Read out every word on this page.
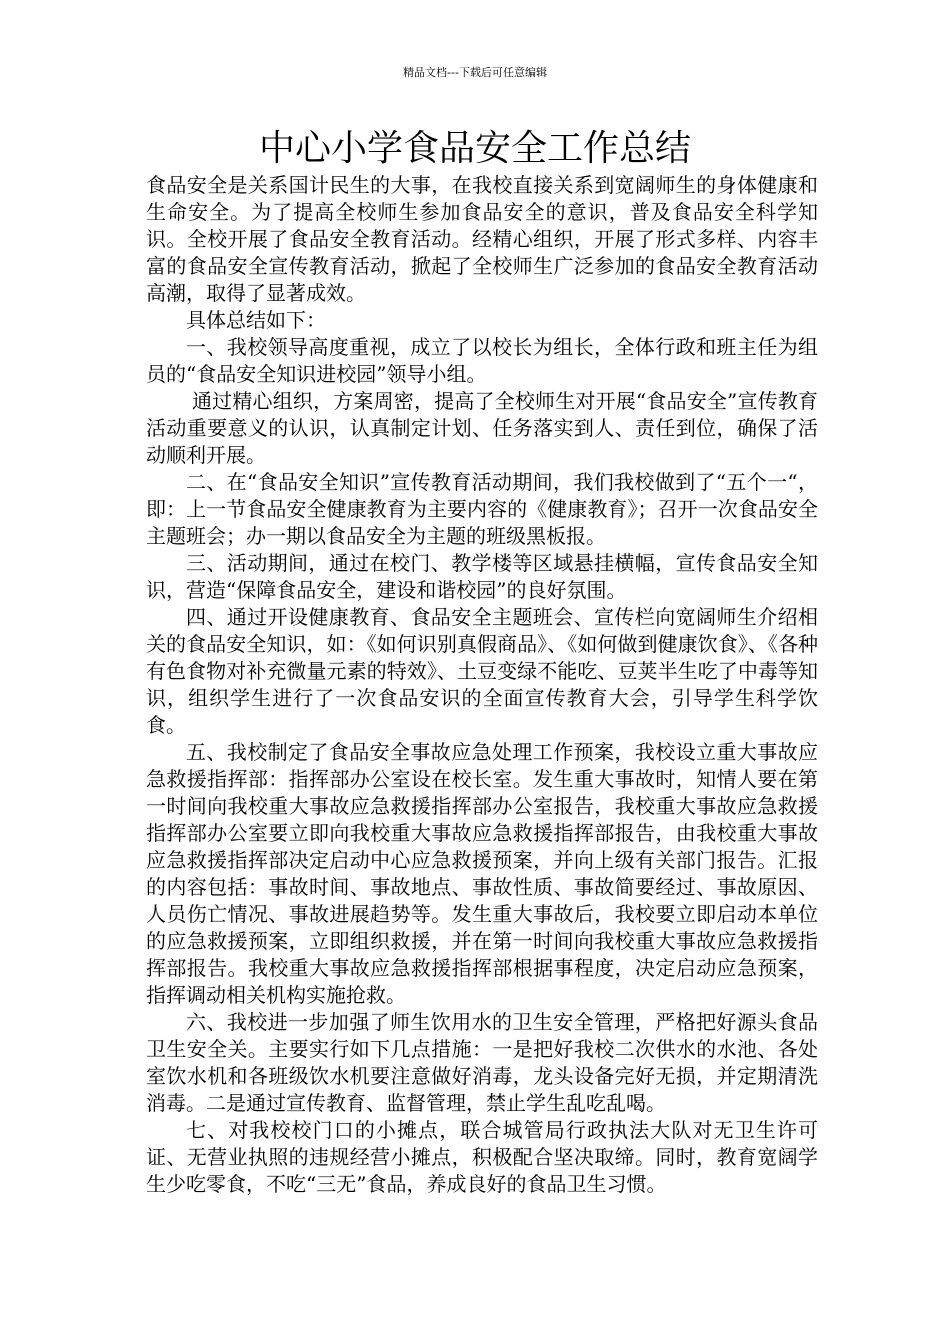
精品文档---下载后可任意编辑
中心小学食品安全工作总结

食品安全是关系国计民生的大事，在我校直接关系到宽阔师生的身体健康和生命安全。为了提高全校师生参加食品安全的意识，普及食品安全科学知识。全校开展了食品安全教育活动。经精心组织，开展了形式多样、内容丰富的食品安全宣传教育活动，掀起了全校师生广泛参加的食品安全教育活动高潮，取得了显著成效。

具体总结如下：

一、我校领导高度重视，成立了以校长为组长，全体行政和班主任为组员的“食品安全知识进校园”领导小组。

通过精心组织，方案周密，提高了全校师生对开展“食品安全”宣传教育活动重要意义的认识，认真制定计划、任务落实到人、责任到位，确保了活动顺利开展。

二、在“食品安全知识”宣传教育活动期间，我们我校做到了“五个一“，即：上一节食品安全健康教育为主要内容的《健康教育》；召开一次食品安全主题班会；办一期以食品安全为主题的班级黑板报。

三、活动期间，通过在校门、教学楼等区域悬挂横幅，宣传食品安全知识，营造“保障食品安全，建设和谐校园”的良好氛围。

四、通过开设健康教育、食品安全主题班会、宣传栏向宽阔师生介绍相关的食品安全知识，如：《如何识别真假商品》、《如何做到健康饮食》、《各种有色食物对补充微量元素的特效》、土豆变绿不能吃、豆荚半生吃了中毒等知识，组织学生进行了一次食品安识的全面宣传教育大会，引导学生科学饮食。

五、我校制定了食品安全事故应急处理工作预案，我校设立重大事故应急救援指挥部：指挥部办公室设在校长室。发生重大事故时，知情人要在第一时间向我校重大事故应急救援指挥部办公室报告，我校重大事故应急救援指挥部办公室要立即向我校重大事故应急救援指挥部报告，由我校重大事故应急救援指挥部决定启动中心应急救援预案，并向上级有关部门报告。汇报的内容包括：事故时间、事故地点、事故性质、事故简要经过、事故原因、人员伤亡情况、事故进展趋势等。发生重大事故后，我校要立即启动本单位的应急救援预案，立即组织救援，并在第一时间向我校重大事故应急救援指挥部报告。我校重大事故应急救援指挥部根据事程度，决定启动应急预案，指挥调动相关机构实施抢救。

六、我校进一步加强了师生饮用水的卫生安全管理，严格把好源头食品卫生安全关。主要实行如下几点措施：一是把好我校二次供水的水池、各处室饮水机和各班级饮水机要注意做好消毒，龙头设备完好无损，并定期清洗消毒。二是通过宣传教育、监督管理，禁止学生乱吃乱喝。

七、对我校校门口的小摊点，联合城管局行政执法大队对无卫生许可证、无营业执照的违规经营小摊点，积极配合坚决取缔。同时，教育宽阔学生少吃零食，不吃“三无”食品，养成良好的食品卫生习惯。
